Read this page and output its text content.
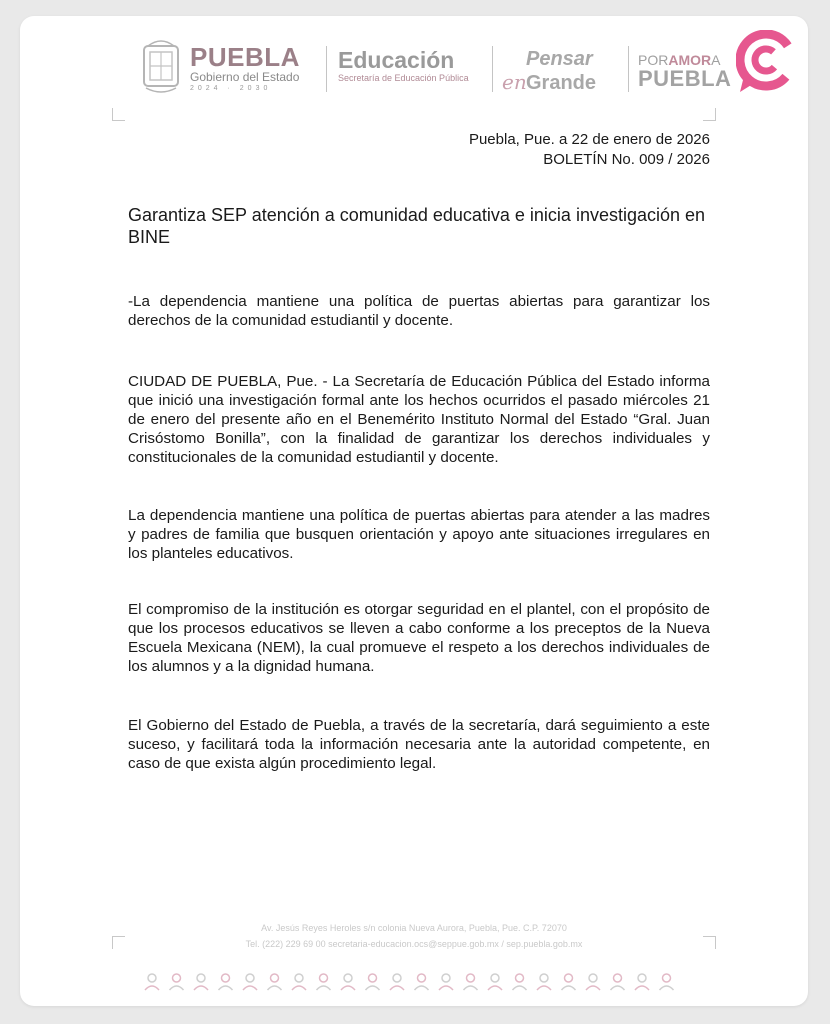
PUEBLA
Gobierno del Estado
2024 · 2030
Educación
Secretaría de Educación Pública
Pensar
en Grande
PORAMORA
PUEBLA
Puebla, Pue. a 22 de enero de 2026
BOLETÍN No. 009 / 2026
Garantiza SEP atención a comunidad educativa e inicia investigación en BINE
-La dependencia mantiene una política de puertas abiertas para garantizar los derechos de la comunidad estudiantil y docente.
CIUDAD DE PUEBLA, Pue. - La Secretaría de Educación Pública del Estado informa que inició una investigación formal ante los hechos ocurridos el pasado miércoles 21 de enero del presente año en el Benemérito Instituto Normal del Estado “Gral. Juan Crisóstomo Bonilla”, con la finalidad de garantizar los derechos individuales y constitucionales de la comunidad estudiantil y docente.
La dependencia mantiene una política de puertas abiertas para atender a las madres y padres de familia que busquen orientación y apoyo ante situaciones irregulares en los planteles educativos.
El compromiso de la institución es otorgar seguridad en el plantel, con el propósito de que los procesos educativos se lleven a cabo conforme a los preceptos de la Nueva Escuela Mexicana (NEM), la cual promueve el respeto a los derechos individuales de los alumnos y a la dignidad humana.
El Gobierno del Estado de Puebla, a través de la secretaría, dará seguimiento a este suceso, y facilitará toda la información necesaria ante la autoridad competente, en caso de que exista algún procedimiento legal.
Av. Jesús Reyes Heroles s/n colonia Nueva Aurora, Puebla, Pue. C.P. 72070
Tel. (222) 229 69 00 secretaria-educacion.ocs@seppue.gob.mx / sep.puebla.gob.mx
